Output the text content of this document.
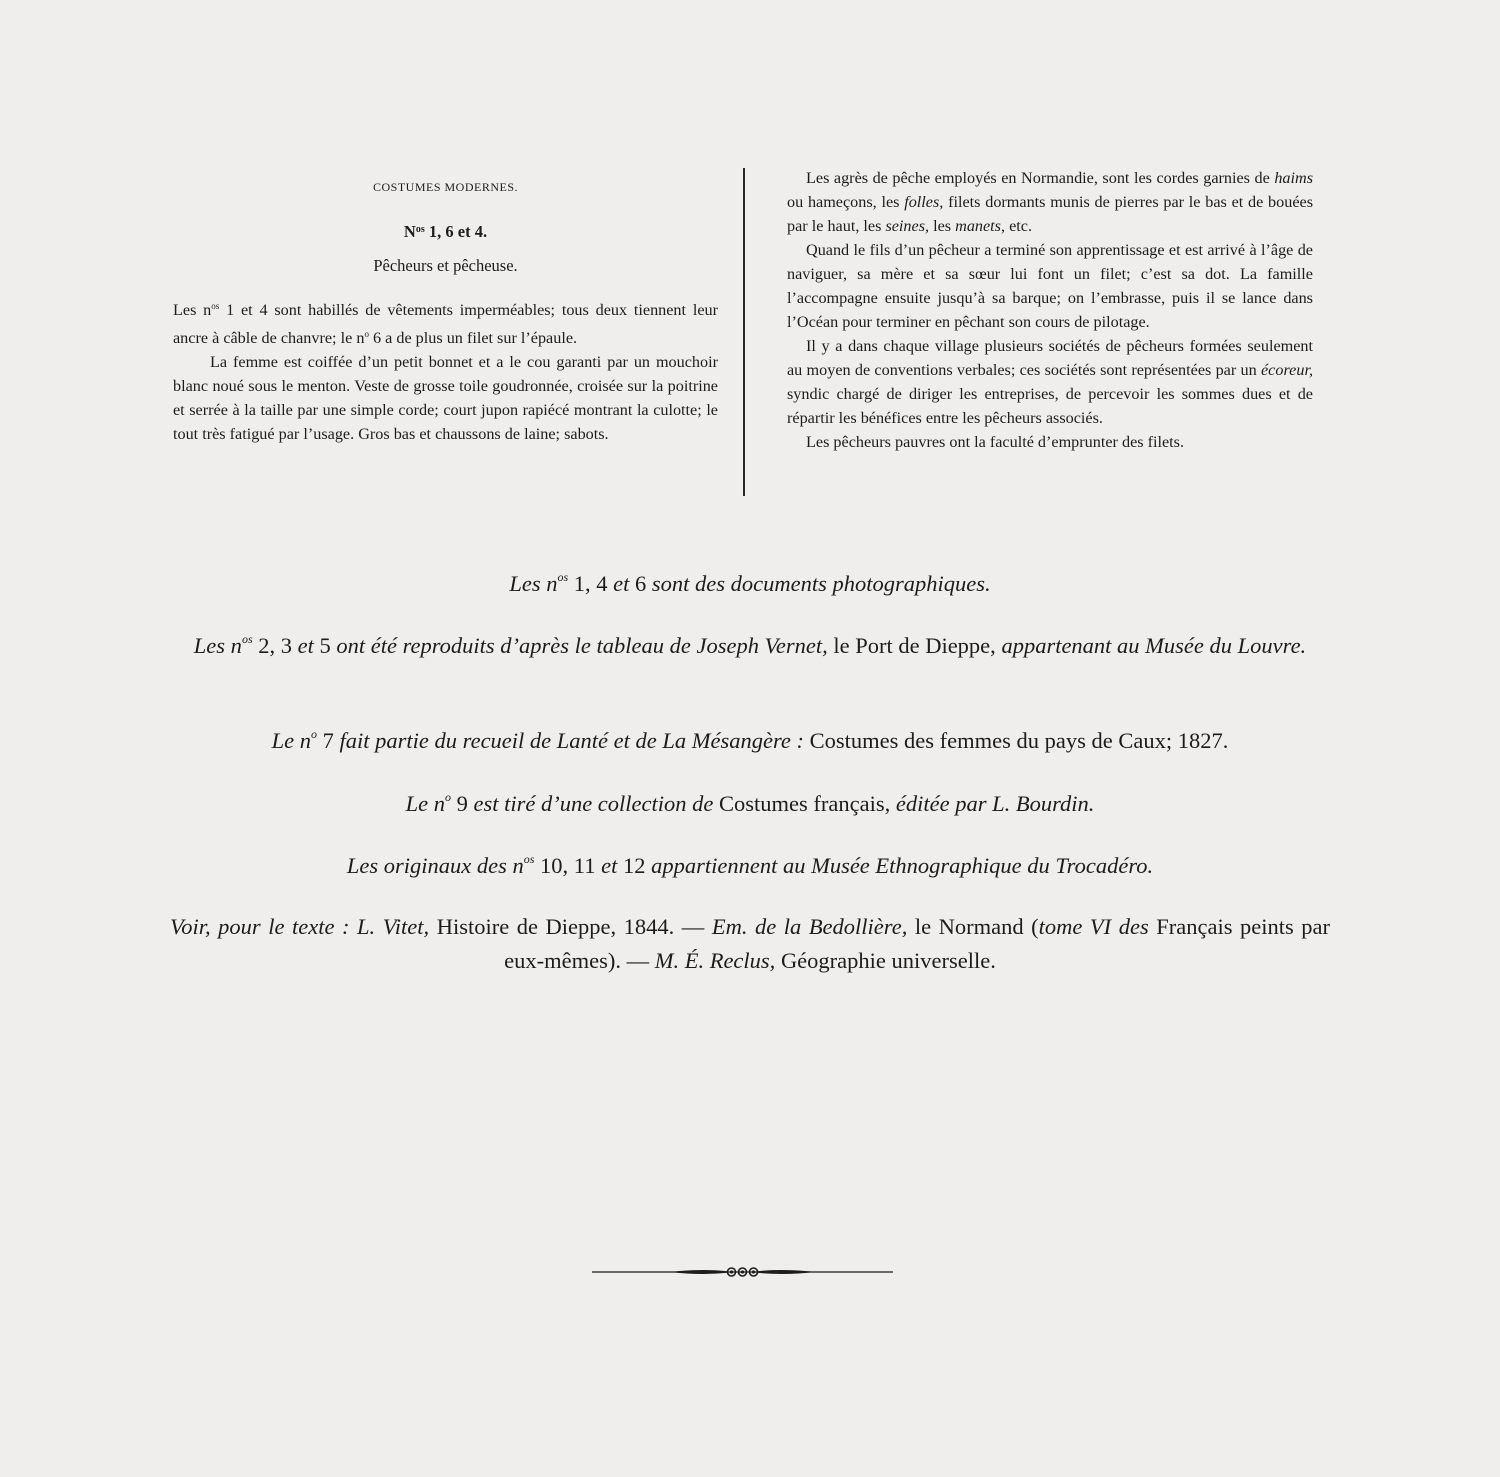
COSTUMES MODERNES.
$N^{os}$ 1, 6 et 4.
Pêcheurs et pêcheuse.

Les $n^{os}$ 1 et 4 sont habillés de vêtements imperméables; tous deux tiennent leur ancre à câble de chanvre; le $n^o$ 6 a de plus un filet sur l’épaule.

La femme est coiffée d’un petit bonnet et a le cou garanti par un mouchoir blanc noué sous le menton. Veste de grosse toile goudronnée, croisée sur la poitrine et serrée à la taille par une simple corde; court jupon rapiécé montrant la culotte; le tout très fatigué par l’usage. Gros bas et chaussons de laine; sabots.

Les agrès de pêche employés en Normandie, sont les cordes garnies de haims ou hameçons, les folles, filets dormants munis de pierres par le bas et de bouées par le haut, les seines, les manets, etc.

Quand le fils d’un pêcheur a terminé son apprentissage et est arrivé à l’âge de naviguer, sa mère et sa sœur lui font un filet; c’est sa dot. La famille l’accompagne ensuite jusqu’à sa barque; on l’embrasse, puis il se lance dans l’Océan pour terminer en pêchant son cours de pilotage.

Il y a dans chaque village plusieurs sociétés de pêcheurs formées seulement au moyen de conventions verbales; ces sociétés sont représentées par un écoreur, syndic chargé de diriger les entreprises, de percevoir les sommes dues et de répartir les bénéfices entre les pêcheurs associés.

Les pêcheurs pauvres ont la faculté d’emprunter des filets.

Les $n^{os}$ 1, 4 et 6 sont des documents photographiques.
Les $n^{os}$ 2, 3 et 5 ont été reproduits d’après le tableau de Joseph Vernet, le Port de Dieppe, appartenant au Musée du Louvre.
Le $n^o$ 7 fait partie du recueil de Lanté et de La Mésangère : Costumes des femmes du pays de Caux; 1827.
Le $n^o$ 9 est tiré d’une collection de Costumes français, éditée par L. Bourdin.
Les originaux des $n^{os}$ 10, 11 et 12 appartiennent au Musée Ethnographique du Trocadéro.
Voir, pour le texte : L. Vitet, Histoire de Dieppe, 1844. — Em. de la Bedollière, le Normand (tome VI des Français peints par eux-mêmes). — M. É. Reclus, Géographie universelle.
